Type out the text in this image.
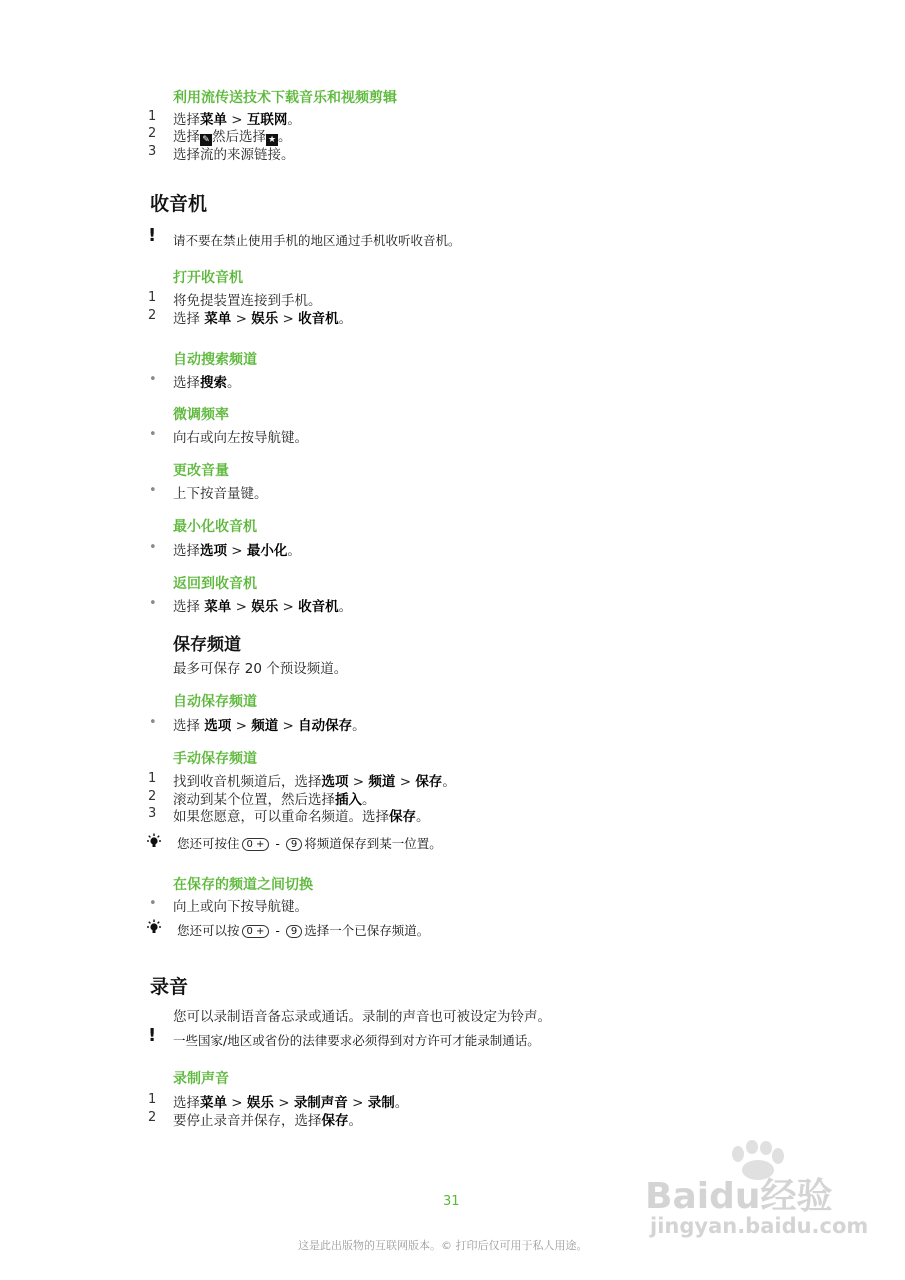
利用流传送技术下载音乐和视频剪辑
1 选择菜单 > 互联网。
2 选择 ✎ 然后选择 ★ 。
3 选择流的来源链接。
收音机
! 请不要在禁止使用手机的地区通过手机收听收音机。
打开收音机
1 将免提装置连接到手机。
2 选择 菜单 > 娱乐 > 收音机。
自动搜索频道
• 选择搜索。
微调频率
• 向右或向左按导航键。
更改音量
• 上下按音量键。
最小化收音机
• 选择选项 > 最小化。
返回到收音机
• 选择 菜单 > 娱乐 > 收音机。
保存频道
最多可保存 20 个预设频道。
自动保存频道
• 选择 选项 > 频道 > 自动保存。
手动保存频道
1 找到收音机频道后，选择选项 > 频道 > 保存。
2 滚动到某个位置，然后选择插入。
3 如果您愿意，可以重命名频道。选择保存。
您还可按住 0 + - 9 将频道保存到某一位置。
在保存的频道之间切换
• 向上或向下按导航键。
您还可以按 0 + - 9 选择一个已保存频道。
录音
您可以录制语音备忘录或通话。录制的声音也可被设定为铃声。
! 一些国家/地区或省份的法律要求必须得到对方许可才能录制通话。
录制声音
1 选择菜单 > 娱乐 > 录制声音 > 录制。
2 要停止录音并保存，选择保存。
31
这是此出版物的互联网版本。© 打印后仅可用于私人用途。
Baidu经验
jingyan.baidu.com
